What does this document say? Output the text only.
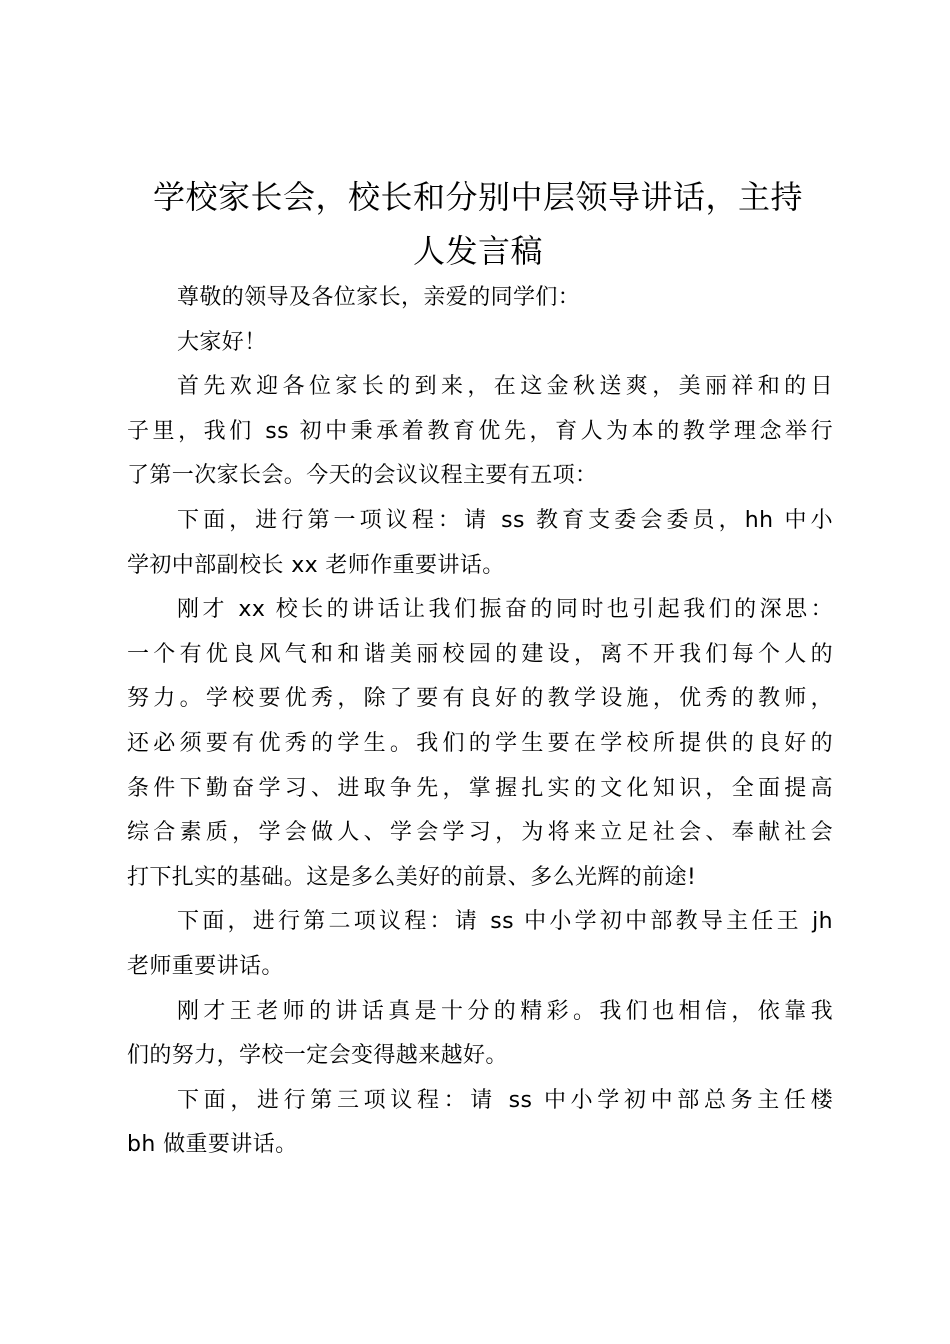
学校家长会，校长和分别中层领导讲话，主持
人发言稿

尊敬的领导及各位家长，亲爱的同学们：

大家好！

首先欢迎各位家长的到来，在这金秋送爽，美丽祥和的日
子里，我们 ss 初中秉承着教育优先，育人为本的教学理念举行
了第一次家长会。今天的会议议程主要有五项：

下面，进行第一项议程：请 ss 教育支委会委员，hh 中小
学初中部副校长 xx 老师作重要讲话。

刚才 xx 校长的讲话让我们振奋的同时也引起我们的深思：
一个有优良风气和和谐美丽校园的建设，离不开我们每个人的
努力。学校要优秀，除了要有良好的教学设施，优秀的教师，
还必须要有优秀的学生。我们的学生要在学校所提供的良好的
条件下勤奋学习、进取争先，掌握扎实的文化知识，全面提高
综合素质，学会做人、学会学习，为将来立足社会、奉献社会
打下扎实的基础。这是多么美好的前景、多么光辉的前途!

下面，进行第二项议程：请 ss 中小学初中部教导主任王 jh
老师重要讲话。

刚才王老师的讲话真是十分的精彩。我们也相信，依靠我
们的努力，学校一定会变得越来越好。

下面，进行第三项议程：请 ss 中小学初中部总务主任楼
bh 做重要讲话。
